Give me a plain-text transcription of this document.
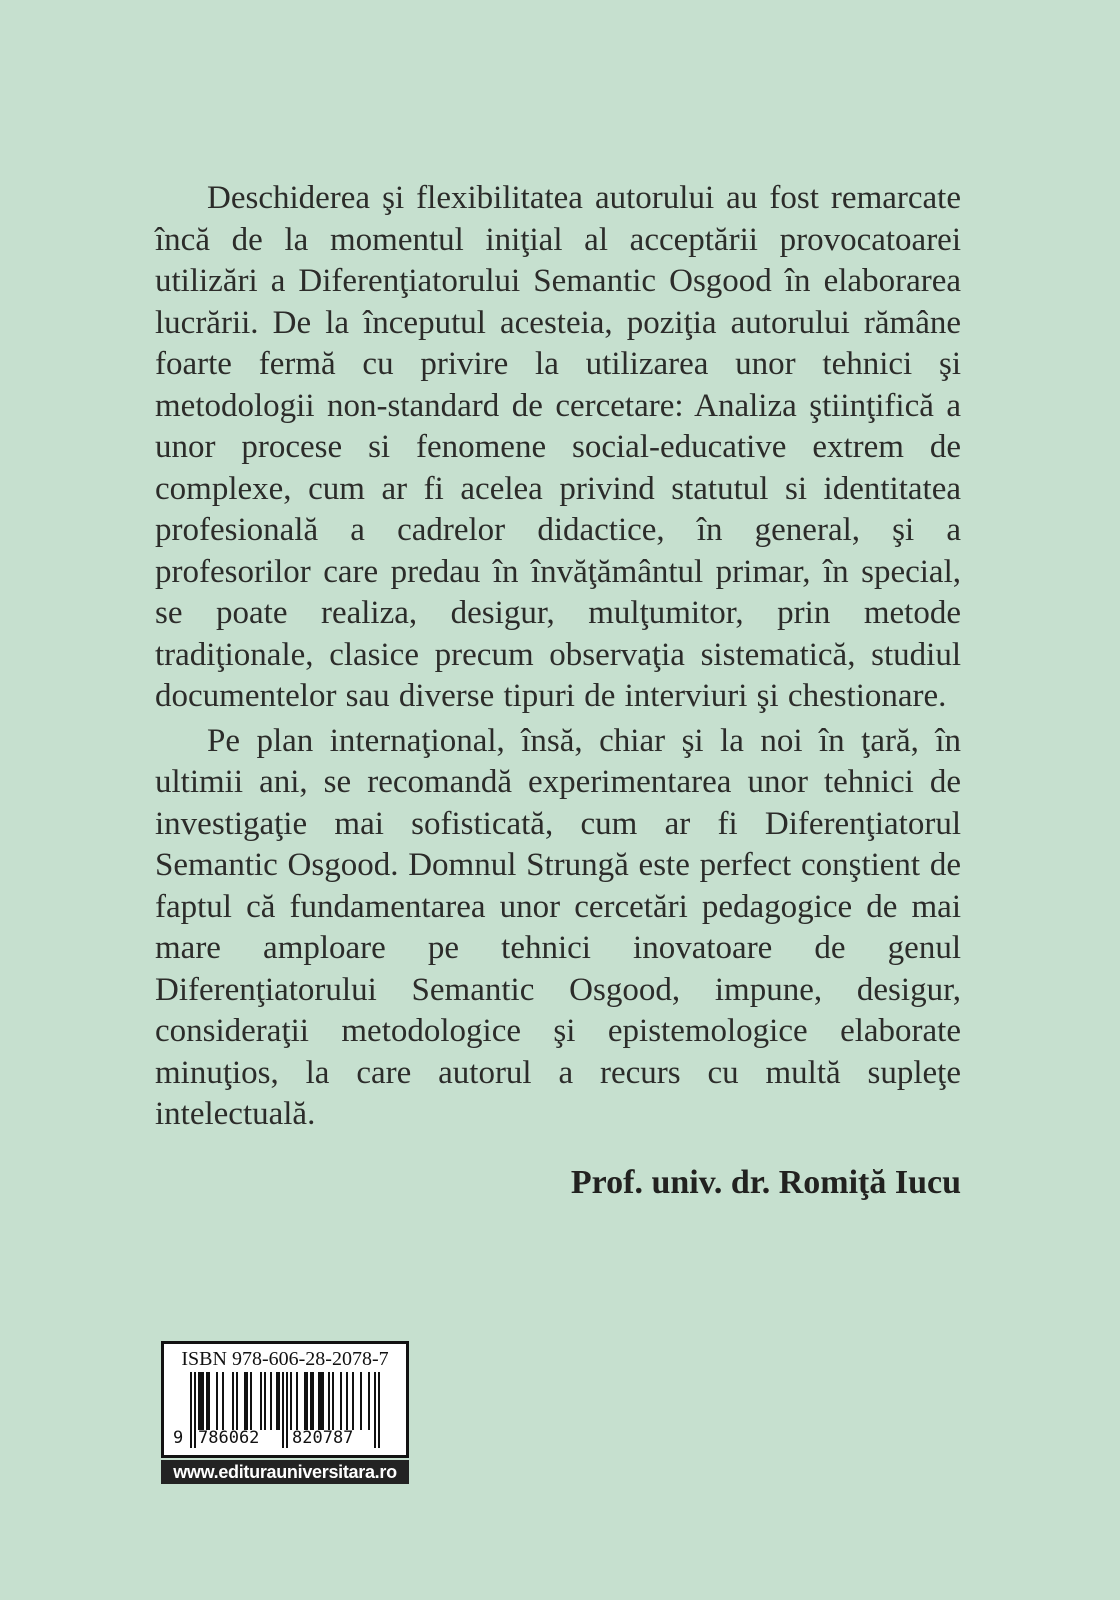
Deschiderea şi flexibilitatea autorului au fost remarcate încă de la momentul iniţial al acceptării provocatoarei utilizări a Diferenţiatorului Semantic Osgood în elaborarea lucrării. De la începutul acesteia, poziţia autorului rămâne foarte fermă cu privire la utilizarea unor tehnici şi metodologii non-standard de cercetare: Analiza ştiinţifică a unor procese si fenomene social-educative extrem de complexe, cum ar fi acelea privind statutul si identitatea profesională a cadrelor didactice, în general, şi a profesorilor care predau în învăţământul primar, în special, se poate realiza, desigur, mulţumitor, prin metode tradiţionale, clasice precum observaţia sistematică, studiul documentelor sau diverse tipuri de interviuri şi chestionare.

Pe plan internaţional, însă, chiar şi la noi în ţară, în ultimii ani, se recomandă experimentarea unor tehnici de investigaţie mai sofisticată, cum ar fi Diferenţiatorul Semantic Osgood. Domnul Strungă este perfect conştient de faptul că fundamentarea unor cercetări pedagogice de mai mare amploare pe tehnici inovatoare de genul Diferenţiatorului Semantic Osgood, impune, desigur, consideraţii metodologice şi epistemologice elaborate minuţios, la care autorul a recurs cu multă supleţe intelectuală.

Prof. univ. dr. Romiţă Iucu
ISBN 978-606-28-2078-7
9 786062	820787
www.editurauniversitara.ro
